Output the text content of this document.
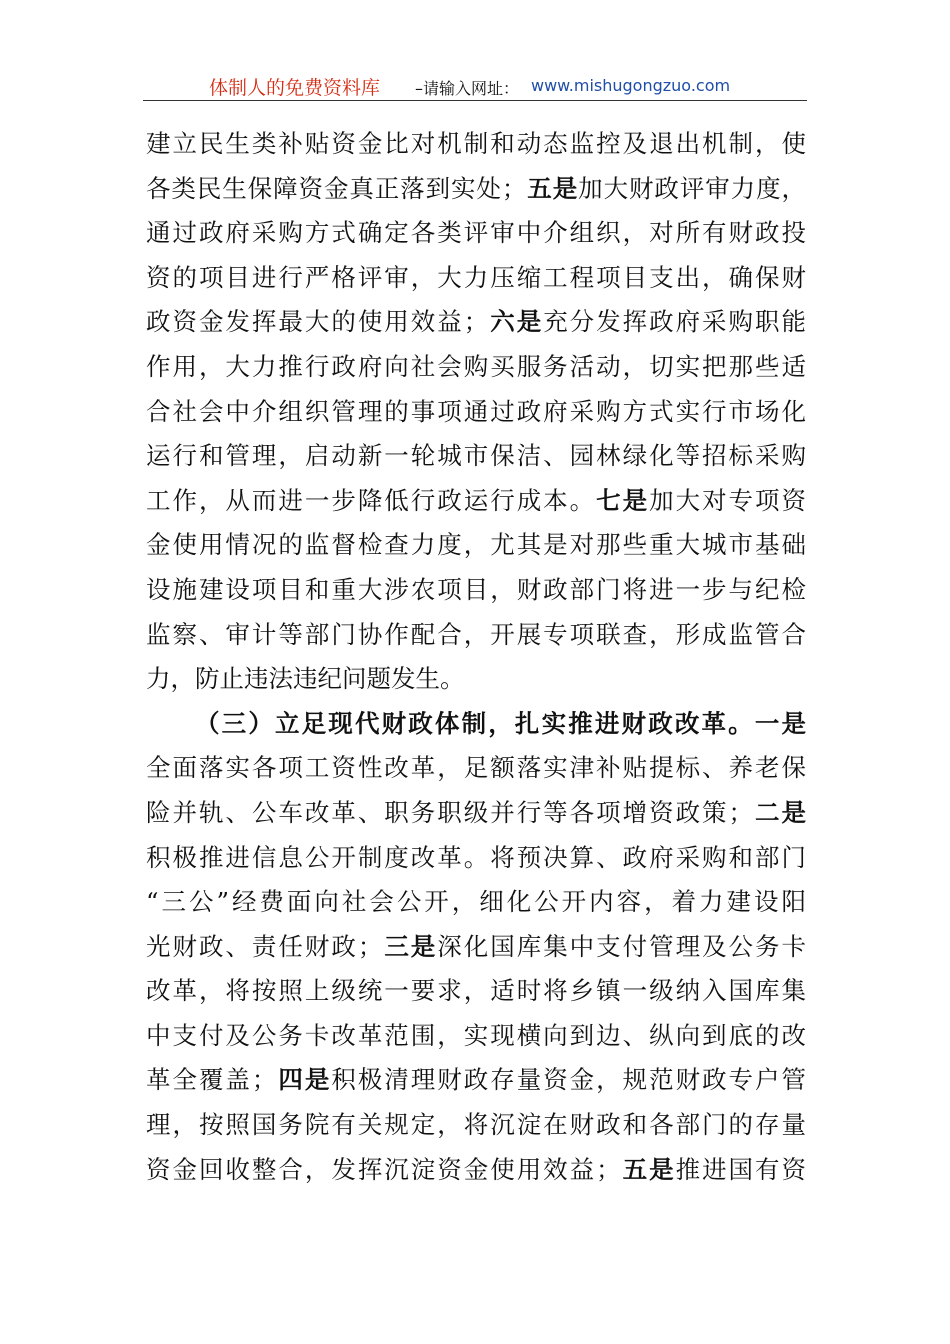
体制人的免费资料库 –请输入网址： www.mishugongzuo.com
建立民生类补贴资金比对机制和动态监控及退出机制，使
各类民生保障资金真正落到实处；五是加大财政评审力度，
通过政府采购方式确定各类评审中介组织，对所有财政投
资的项目进行严格评审，大力压缩工程项目支出，确保财
政资金发挥最大的使用效益；六是充分发挥政府采购职能
作用，大力推行政府向社会购买服务活动，切实把那些适
合社会中介组织管理的事项通过政府采购方式实行市场化
运行和管理，启动新一轮城市保洁、园林绿化等招标采购
工作，从而进一步降低行政运行成本。七是加大对专项资
金使用情况的监督检查力度，尤其是对那些重大城市基础
设施建设项目和重大涉农项目，财政部门将进一步与纪检
监察、审计等部门协作配合，开展专项联查，形成监管合
力，防止违法违纪问题发生。
（三）立足现代财政体制，扎实推进财政改革。一是
全面落实各项工资性改革，足额落实津补贴提标、养老保
险并轨、公车改革、职务职级并行等各项增资政策；二是
积极推进信息公开制度改革。将预决算、政府采购和部门
“三公”经费面向社会公开，细化公开内容，着力建设阳
光财政、责任财政；三是深化国库集中支付管理及公务卡
改革，将按照上级统一要求，适时将乡镇一级纳入国库集
中支付及公务卡改革范围，实现横向到边、纵向到底的改
革全覆盖；四是积极清理财政存量资金，规范财政专户管
理，按照国务院有关规定，将沉淀在财政和各部门的存量
资金回收整合，发挥沉淀资金使用效益；五是推进国有资
